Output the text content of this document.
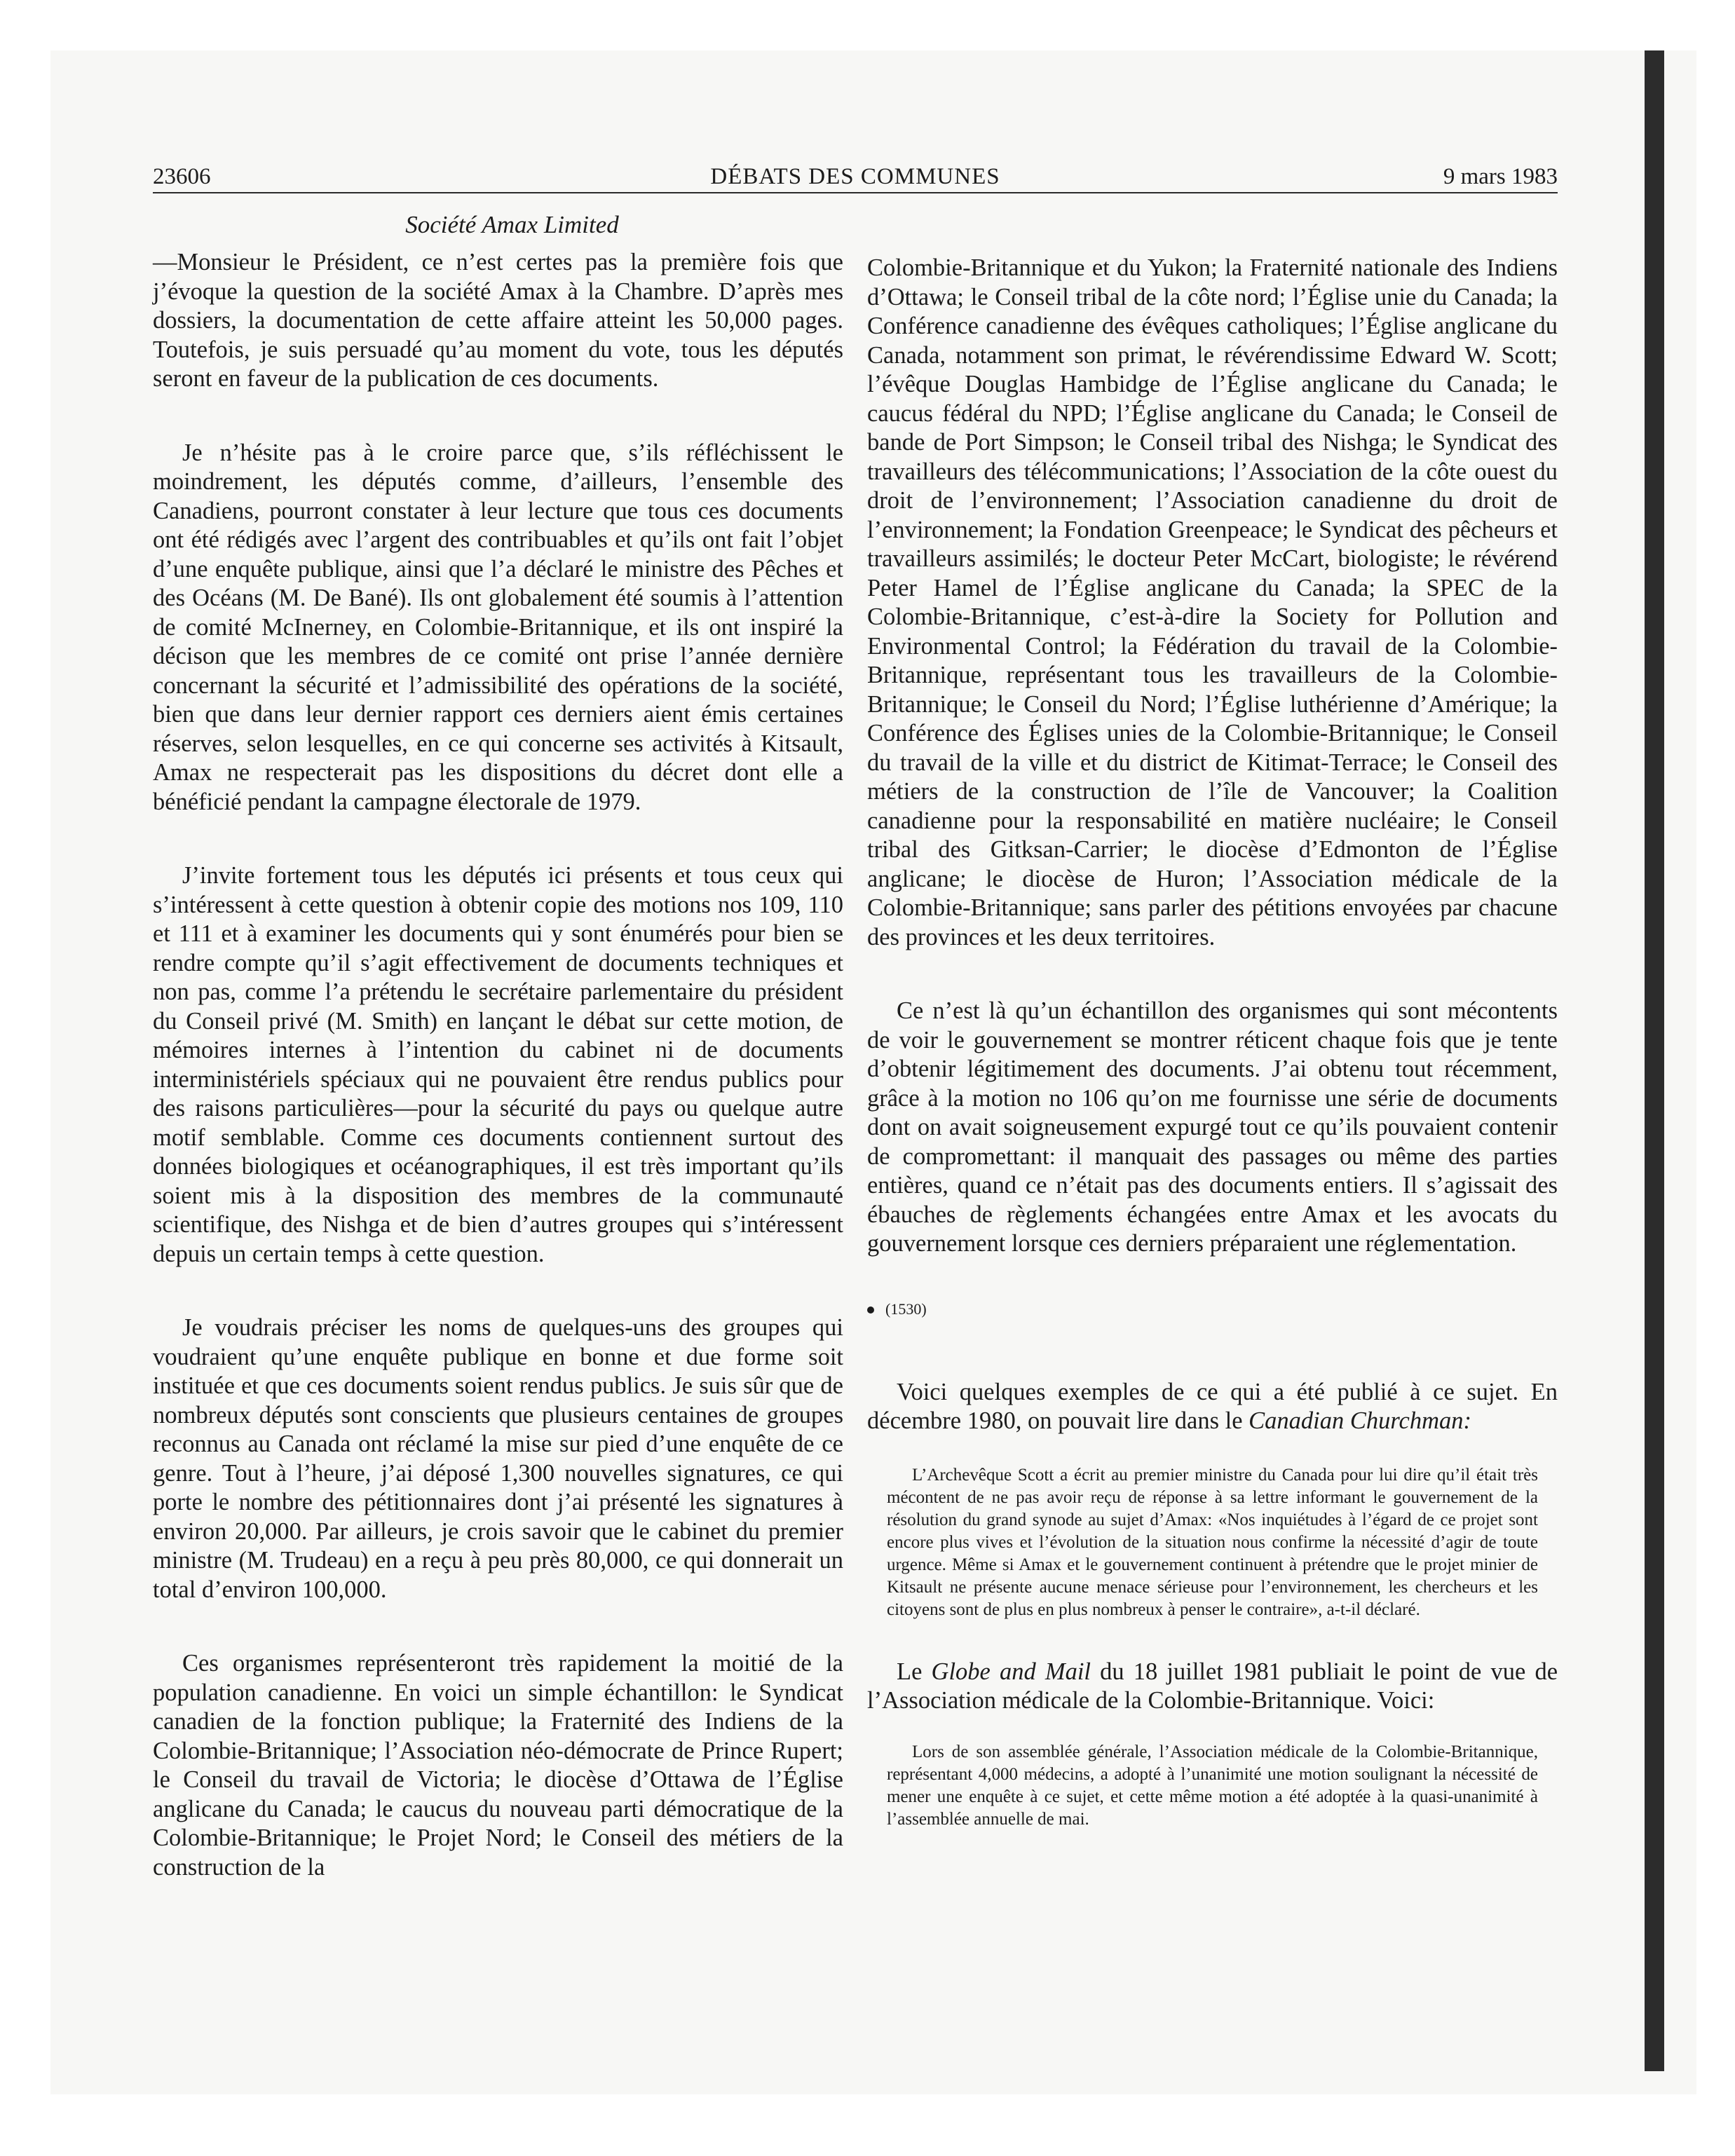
23606	DÉBATS DES COMMUNES	9 mars 1983
Société Amax Limited

—Monsieur le Président, ce n’est certes pas la première fois que j’évoque la question de la société Amax à la Chambre. D’après mes dossiers, la documentation de cette affaire atteint les 50,000 pages. Toutefois, je suis persuadé qu’au moment du vote, tous les députés seront en faveur de la publication de ces documents.

Je n’hésite pas à le croire parce que, s’ils réfléchissent le moindrement, les députés comme, d’ailleurs, l’ensemble des Canadiens, pourront constater à leur lecture que tous ces documents ont été rédigés avec l’argent des contribuables et qu’ils ont fait l’objet d’une enquête publique, ainsi que l’a déclaré le ministre des Pêches et des Océans (M. De Bané). Ils ont globalement été soumis à l’attention de comité McInerney, en Colombie-Britannique, et ils ont inspiré la décison que les membres de ce comité ont prise l’année dernière concernant la sécurité et l’admissibilité des opérations de la société, bien que dans leur dernier rapport ces derniers aient émis certaines réserves, selon lesquelles, en ce qui concerne ses activités à Kitsault, Amax ne respecterait pas les dispositions du décret dont elle a bénéficié pendant la campagne électorale de 1979.

J’invite fortement tous les députés ici présents et tous ceux qui s’intéressent à cette question à obtenir copie des motions nos 109, 110 et 111 et à examiner les documents qui y sont énumérés pour bien se rendre compte qu’il s’agit effectivement de documents techniques et non pas, comme l’a prétendu le secrétaire parlementaire du président du Conseil privé (M. Smith) en lançant le débat sur cette motion, de mémoires internes à l’intention du cabinet ni de documents interministériels spéciaux qui ne pouvaient être rendus publics pour des raisons particulières—pour la sécurité du pays ou quelque autre motif semblable. Comme ces documents contiennent surtout des données biologiques et océanographiques, il est très important qu’ils soient mis à la disposition des membres de la communauté scientifique, des Nishga et de bien d’autres groupes qui s’intéressent depuis un certain temps à cette question.

Je voudrais préciser les noms de quelques-uns des groupes qui voudraient qu’une enquête publique en bonne et due forme soit instituée et que ces documents soient rendus publics. Je suis sûr que de nombreux députés sont conscients que plusieurs centaines de groupes reconnus au Canada ont réclamé la mise sur pied d’une enquête de ce genre. Tout à l’heure, j’ai déposé 1,300 nouvelles signatures, ce qui porte le nombre des pétitionnaires dont j’ai présenté les signatures à environ 20,000. Par ailleurs, je crois savoir que le cabinet du premier ministre (M. Trudeau) en a reçu à peu près 80,000, ce qui donnerait un total d’environ 100,000.

Ces organismes représenteront très rapidement la moitié de la population canadienne. En voici un simple échantillon: le Syndicat canadien de la fonction publique; la Fraternité des Indiens de la Colombie-Britannique; l’Association néo-démocrate de Prince Rupert; le Conseil du travail de Victoria; le diocèse d’Ottawa de l’Église anglicane du Canada; le caucus du nouveau parti démocratique de la Colombie-Britannique; le Projet Nord; le Conseil des métiers de la construction de la

Colombie-Britannique et du Yukon; la Fraternité nationale des Indiens d’Ottawa; le Conseil tribal de la côte nord; l’Église unie du Canada; la Conférence canadienne des évêques catholiques; l’Église anglicane du Canada, notamment son primat, le révérendissime Edward W. Scott; l’évêque Douglas Hambidge de l’Église anglicane du Canada; le caucus fédéral du NPD; l’Église anglicane du Canada; le Conseil de bande de Port Simpson; le Conseil tribal des Nishga; le Syndicat des travailleurs des télécommunications; l’Association de la côte ouest du droit de l’environnement; l’Association canadienne du droit de l’environnement; la Fondation Greenpeace; le Syndicat des pêcheurs et travailleurs assimilés; le docteur Peter McCart, biologiste; le révérend Peter Hamel de l’Église anglicane du Canada; la SPEC de la Colombie-Britannique, c’est-à-dire la Society for Pollution and Environmental Control; la Fédération du travail de la Colombie-Britannique, représentant tous les travailleurs de la Colombie-Britannique; le Conseil du Nord; l’Église luthérienne d’Amérique; la Conférence des Églises unies de la Colombie-Britannique; le Conseil du travail de la ville et du district de Kitimat-Terrace; le Conseil des métiers de la construction de l’île de Vancouver; la Coalition canadienne pour la responsabilité en matière nucléaire; le Conseil tribal des Gitksan-Carrier; le diocèse d’Edmonton de l’Église anglicane; le diocèse de Huron; l’Association médicale de la Colombie-Britannique; sans parler des pétitions envoyées par chacune des provinces et les deux territoires.

Ce n’est là qu’un échantillon des organismes qui sont mécontents de voir le gouvernement se montrer réticent chaque fois que je tente d’obtenir légitimement des documents. J’ai obtenu tout récemment, grâce à la motion no 106 qu’on me fournisse une série de documents dont on avait soigneusement expurgé tout ce qu’ils pouvaient contenir de compromettant: il manquait des passages ou même des parties entières, quand ce n’était pas des documents entiers. Il s’agissait des ébauches de règlements échangées entre Amax et les avocats du gouvernement lorsque ces derniers préparaient une réglementation.

(1530)

Voici quelques exemples de ce qui a été publié à ce sujet. En décembre 1980, on pouvait lire dans le Canadian Churchman:

L’Archevêque Scott a écrit au premier ministre du Canada pour lui dire qu’il était très mécontent de ne pas avoir reçu de réponse à sa lettre informant le gouvernement de la résolution du grand synode au sujet d’Amax: «Nos inquiétudes à l’égard de ce projet sont encore plus vives et l’évolution de la situation nous confirme la nécessité d’agir de toute urgence. Même si Amax et le gouvernement continuent à prétendre que le projet minier de Kitsault ne présente aucune menace sérieuse pour l’environnement, les chercheurs et les citoyens sont de plus en plus nombreux à penser le contraire», a-t-il déclaré.

Le Globe and Mail du 18 juillet 1981 publiait le point de vue de l’Association médicale de la Colombie-Britannique. Voici:

Lors de son assemblée générale, l’Association médicale de la Colombie-Britannique, représentant 4,000 médecins, a adopté à l’unanimité une motion soulignant la nécessité de mener une enquête à ce sujet, et cette même motion a été adoptée à la quasi-unanimité à l’assemblée annuelle de mai.
